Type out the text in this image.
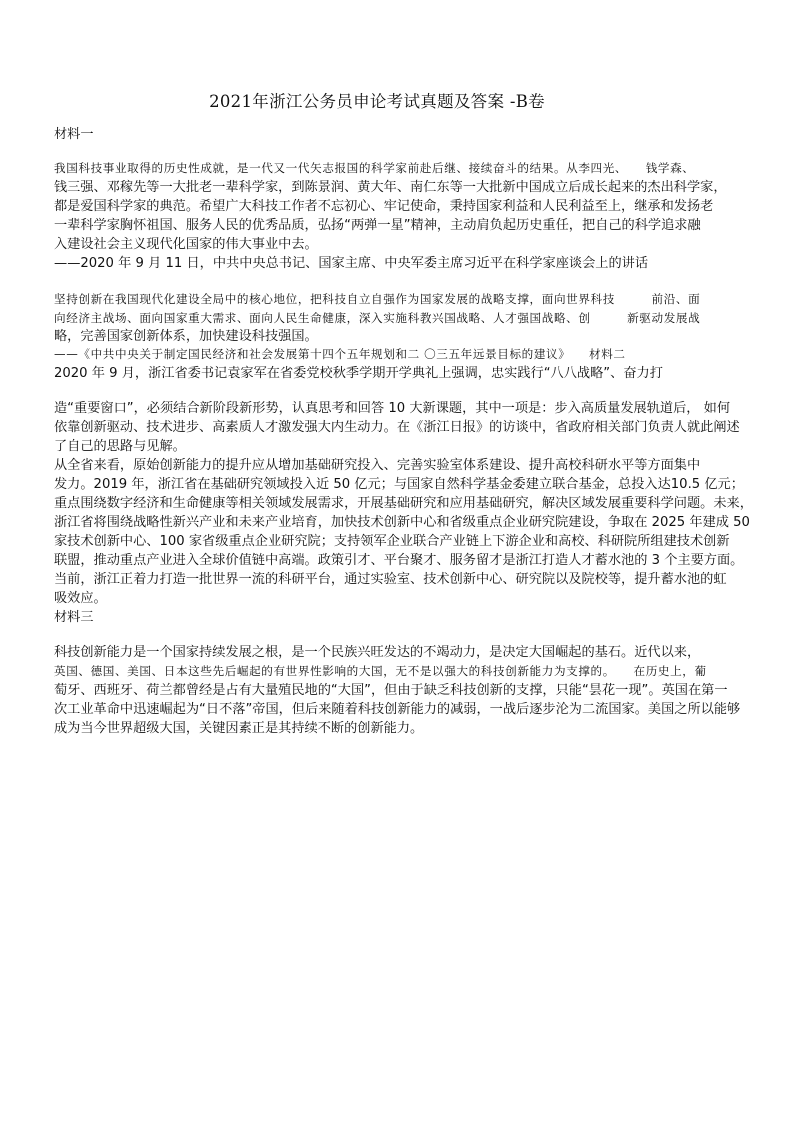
2021年浙江公务员申论考试真题及答案 -B卷
材料一
我国科技事业取得的历史性成就，是一代又一代矢志报国的科学家前赴后继、接续奋斗的结果。从李四光、　　钱学森、
钱三强、邓稼先等一大批老一辈科学家，到陈景润、黄大年、南仁东等一大批新中国成立后成长起来的杰出科学家，
都是爱国科学家的典范。希望广大科技工作者不忘初心、牢记使命，秉持国家利益和人民利益至上，继承和发扬老
一辈科学家胸怀祖国、服务人民的优秀品质，弘扬“两弹一星”精神，主动肩负起历史重任，把自己的科学追求融
入建设社会主义现代化国家的伟大事业中去。
——2020 年 9 月 11 日，中共中央总书记、国家主席、中央军委主席习近平在科学家座谈会上的讲话
坚持创新在我国现代化建设全局中的核心地位，把科技自立自强作为国家发展的战略支撑，面向世界科技　　　前沿、面
向经济主战场、面向国家重大需求、面向人民生命健康，深入实施科教兴国战略、人才强国战略、创　　　新驱动发展战
略，完善国家创新体系，加快建设科技强国。
——《中共中央关于制定国民经济和社会发展第十四个五年规划和二 〇三五年远景目标的建议》　　材料二
2020 年 9 月，浙江省委书记袁家军在省委党校秋季学期开学典礼上强调，忠实践行“八八战略”、奋力打
造“重要窗口”，必须结合新阶段新形势，认真思考和回答 10 大新课题，其中一项是：步入高质量发展轨道后， 如何
依靠创新驱动、技术进步、高素质人才激发强大内生动力。在《浙江日报》的访谈中，省政府相关部门负责人就此阐述
了自己的思路与见解。
从全省来看，原始创新能力的提升应从增加基础研究投入、完善实验室体系建设、提升高校科研水平等方面集中
发力。2019 年，浙江省在基础研究领域投入近 50 亿元；与国家自然科学基金委建立联合基金，总投入达10.5 亿元；
重点围绕数字经济和生命健康等相关领域发展需求，开展基础研究和应用基础研究，解决区域发展重要科学问题。未来，
浙江省将围绕战略性新兴产业和未来产业培育，加快技术创新中心和省级重点企业研究院建设，争取在 2025 年建成 50
家技术创新中心、100 家省级重点企业研究院；支持领军企业联合产业链上下游企业和高校、科研院所组建技术创新
联盟，推动重点产业进入全球价值链中高端。政策引才、平台聚才、服务留才是浙江打造人才蓄水池的 3 个主要方面。
当前，浙江正着力打造一批世界一流的科研平台，通过实验室、技术创新中心、研究院以及院校等，提升蓄水池的虹
吸效应。
材料三
科技创新能力是一个国家持续发展之根，是一个民族兴旺发达的不竭动力，是决定大国崛起的基石。近代以来，
英国、德国、美国、日本这些先后崛起的有世界性影响的大国，无不是以强大的科技创新能力为支撑的。　　在历史上，葡
萄牙、西班牙、荷兰都曾经是占有大量殖民地的“大国”，但由于缺乏科技创新的支撑，只能“昙花一现”。英国在第一
次工业革命中迅速崛起为“日不落”帝国，但后来随着科技创新能力的减弱，一战后逐步沦为二流国家。美国之所以能够
成为当今世界超级大国，关键因素正是其持续不断的创新能力。
